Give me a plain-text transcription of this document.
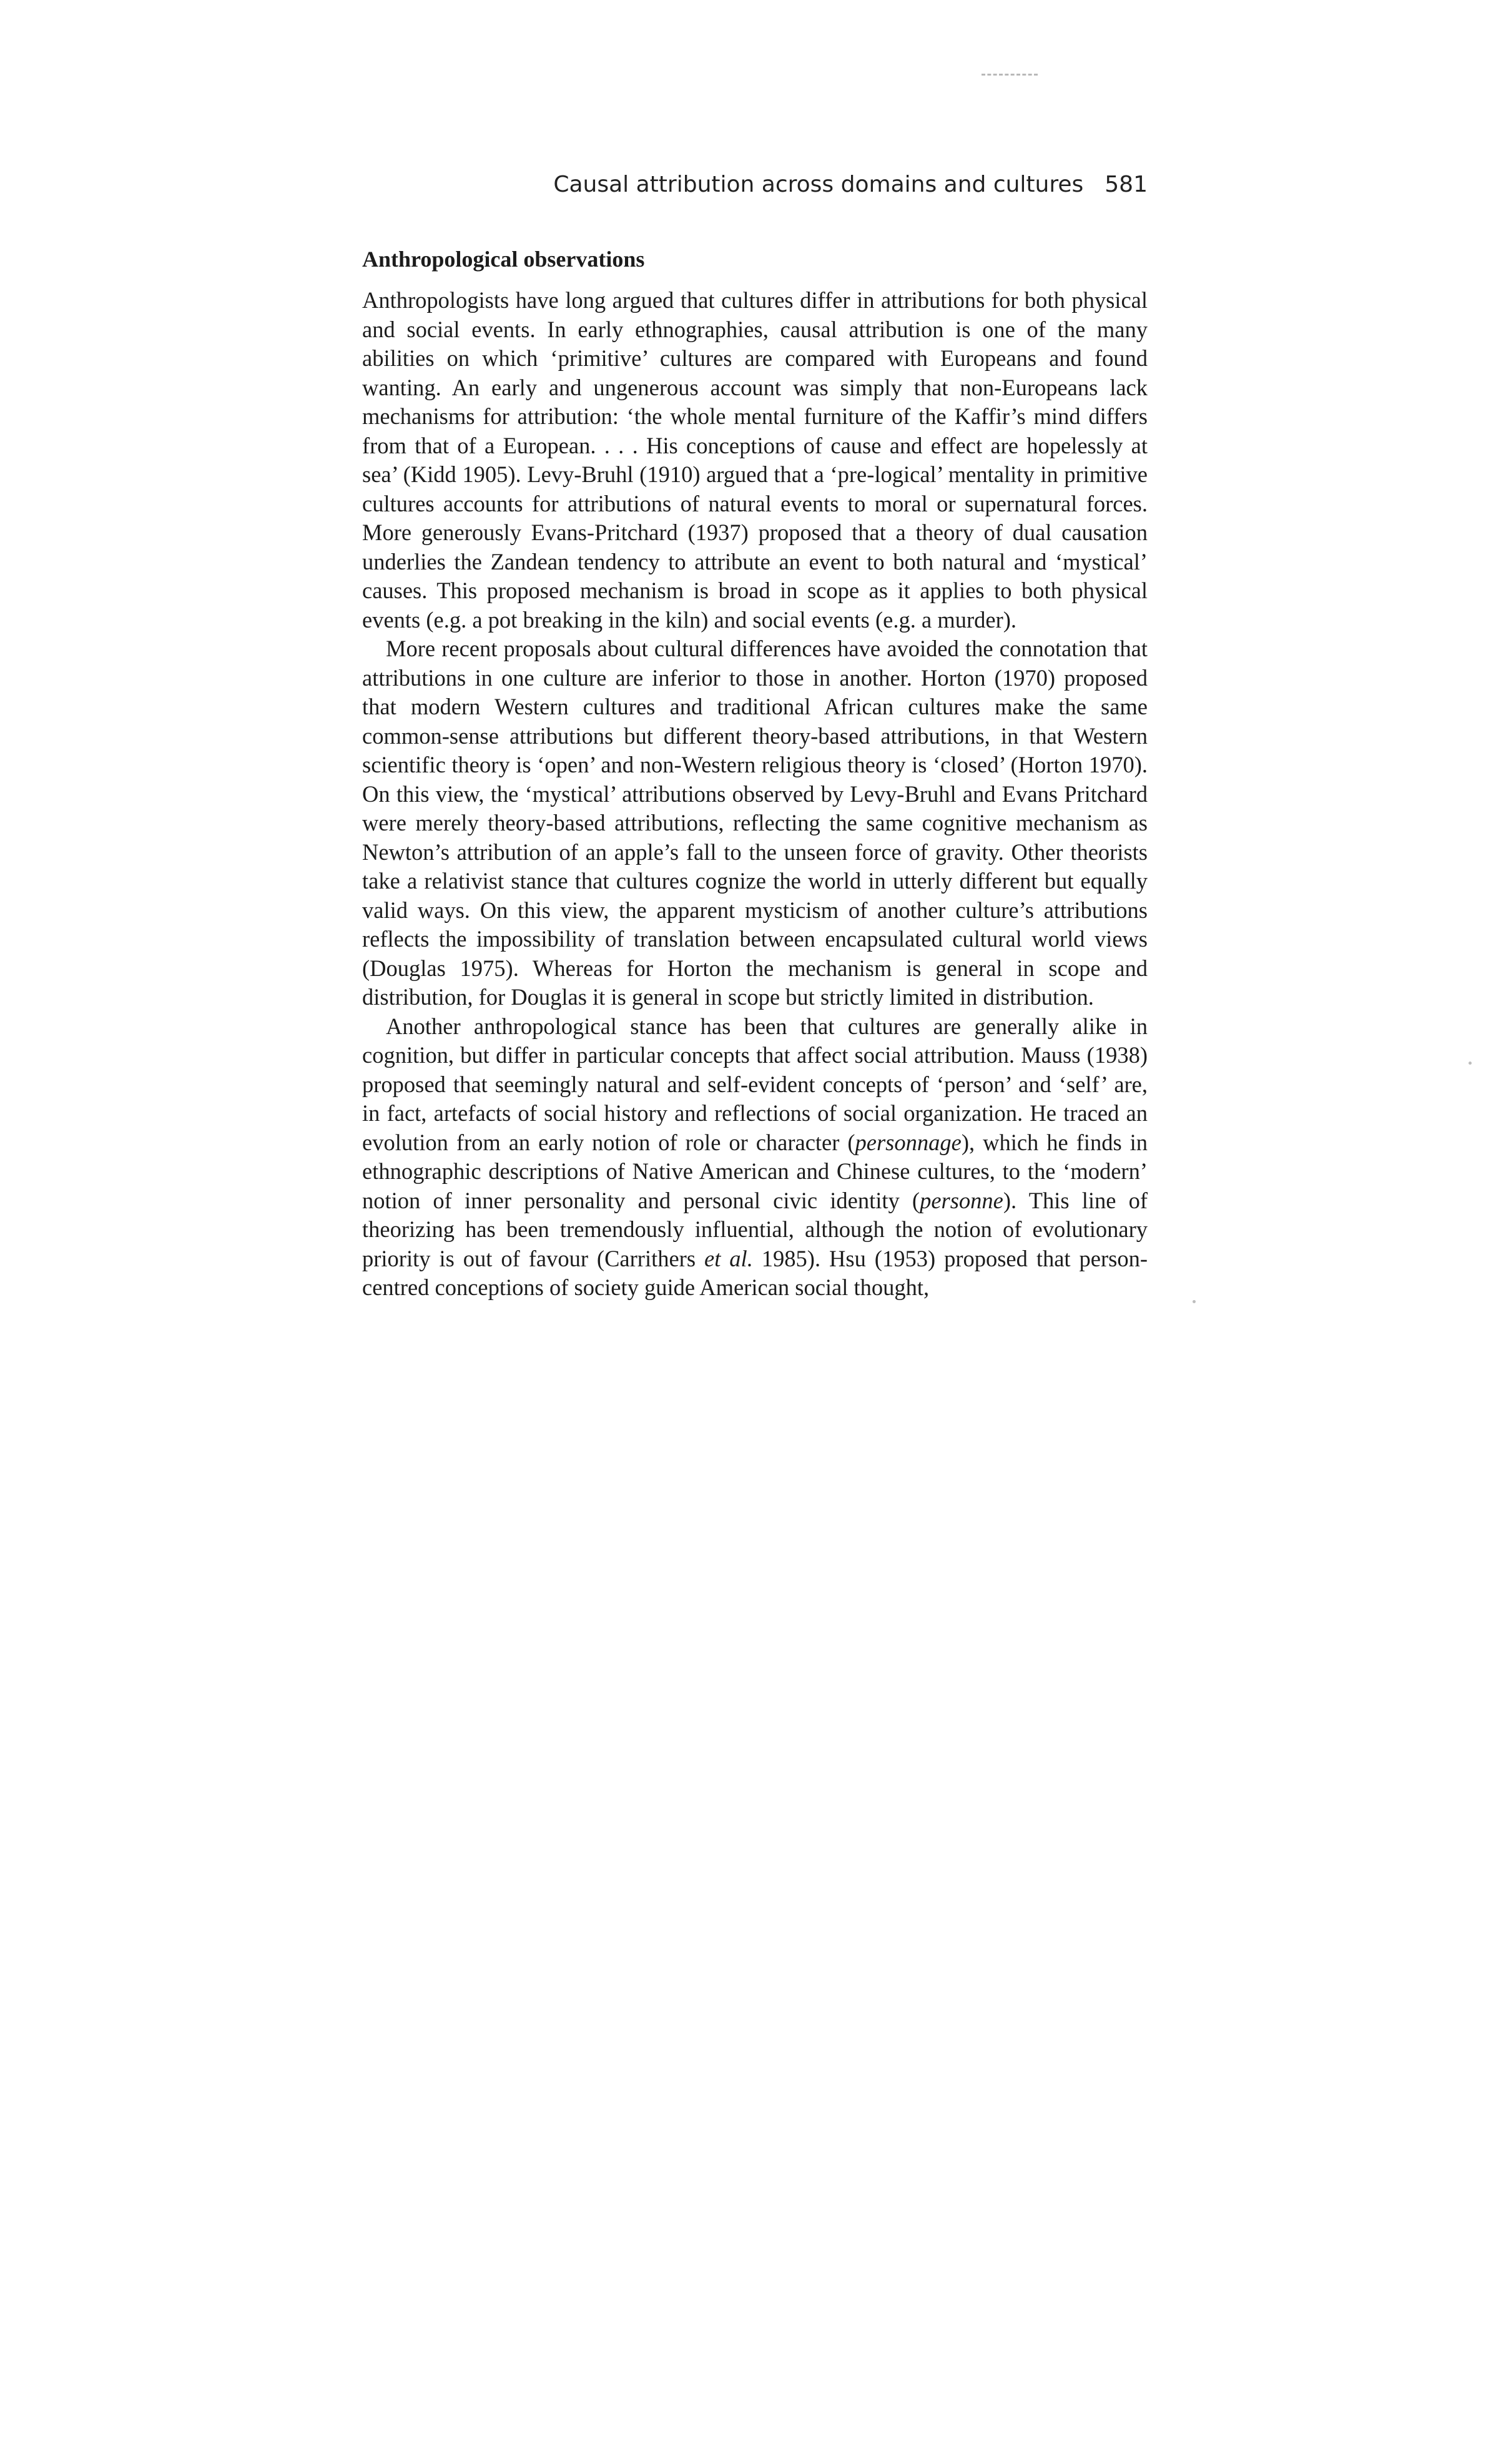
Causal attribution across domains and cultures 581
Anthropological observations

Anthropologists have long argued that cultures differ in attributions for both physical and social events. In early ethnographies, causal attribution is one of the many abilities on which ‘primitive’ cultures are compared with Europeans and found wanting. An early and ungenerous account was simply that non-Europeans lack mechanisms for attribution: ‘the whole mental furniture of the Kaffir’s mind differs from that of a European. . . . His conceptions of cause and effect are hopelessly at sea’ (Kidd 1905). Levy-Bruhl (1910) argued that a ‘pre-logical’ mentality in primitive cultures accounts for attributions of natural events to moral or supernatural forces. More generously Evans-Pritchard (1937) proposed that a theory of dual causation underlies the Zandean tendency to attribute an event to both natural and ‘mystical’ causes. This proposed mechanism is broad in scope as it applies to both physical events (e.g. a pot breaking in the kiln) and social events (e.g. a murder).

More recent proposals about cultural differences have avoided the connotation that attributions in one culture are inferior to those in another. Horton (1970) proposed that modern Western cultures and traditional African cultures make the same common-sense attributions but different theory-based attributions, in that Western scientific theory is ‘open’ and non-Western religious theory is ‘closed’ (Horton 1970). On this view, the ‘mystical’ attributions observed by Levy-Bruhl and Evans Pritchard were merely theory-based attributions, reflecting the same cognitive mechanism as Newton’s attribution of an apple’s fall to the unseen force of gravity. Other theorists take a relativist stance that cultures cognize the world in utterly different but equally valid ways. On this view, the apparent mysticism of another culture’s attributions reflects the impossibility of translation between encapsulated cultural world views (Douglas 1975). Whereas for Horton the mechanism is general in scope and distribution, for Douglas it is general in scope but strictly limited in distribution.

Another anthropological stance has been that cultures are generally alike in cognition, but differ in particular concepts that affect social attribution. Mauss (1938) proposed that seemingly natural and self-evident concepts of ‘person’ and ‘self’ are, in fact, artefacts of social history and reflections of social organization. He traced an evolution from an early notion of role or character (personnage), which he finds in ethnographic descriptions of Native American and Chinese cultures, to the ‘modern’ notion of inner personality and personal civic identity (personne). This line of theorizing has been tremendously influential, although the notion of evolutionary priority is out of favour (Carrithers et al. 1985). Hsu (1953) proposed that person-centred conceptions of society guide American social thought,
